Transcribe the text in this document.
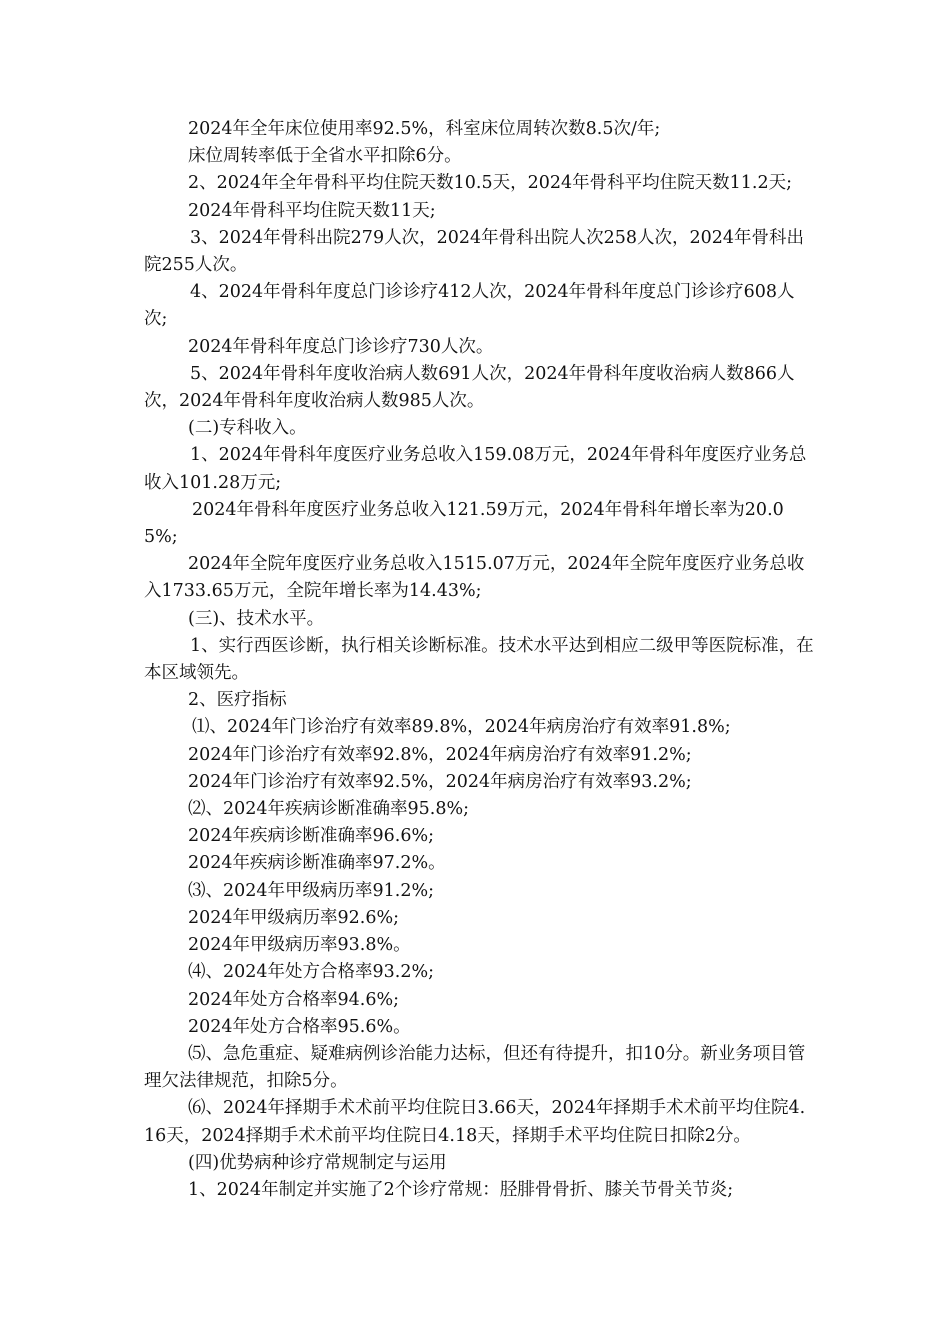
2024年全年床位使用率92.5%，科室床位周转次数8.5次/年;

床位周转率低于全省水平扣除6分。

2、2024年全年骨科平均住院天数10.5天，2024年骨科平均住院天数11.2天;

2024年骨科平均住院天数11天;

3、2024年骨科出院279人次，2024年骨科出院人次258人次，2024年骨科出院255人次。

4、2024年骨科年度总门诊诊疗412人次，2024年骨科年度总门诊诊疗608人次;

2024年骨科年度总门诊诊疗730人次。

5、2024年骨科年度收治病人数691人次，2024年骨科年度收治病人数866人次，2024年骨科年度收治病人数985人次。

(二)专科收入。

1、2024年骨科年度医疗业务总收入159.08万元，2024年骨科年度医疗业务总收入101.28万元;

2024年骨科年度医疗业务总收入121.59万元，2024年骨科年增长率为20.05%;

2024年全院年度医疗业务总收入1515.07万元，2024年全院年度医疗业务总收入1733.65万元，全院年增长率为14.43%;

(三)、技术水平。

1、实行西医诊断，执行相关诊断标准。技术水平达到相应二级甲等医院标准，在本区域领先。

2、医疗指标

⑴、2024年门诊治疗有效率89.8%，2024年病房治疗有效率91.8%;

2024年门诊治疗有效率92.8%，2024年病房治疗有效率91.2%;

2024年门诊治疗有效率92.5%，2024年病房治疗有效率93.2%;

⑵、2024年疾病诊断准确率95.8%;

2024年疾病诊断准确率96.6%;

2024年疾病诊断准确率97.2%。

⑶、2024年甲级病历率91.2%;

2024年甲级病历率92.6%;

2024年甲级病历率93.8%。

⑷、2024年处方合格率93.2%;

2024年处方合格率94.6%;

2024年处方合格率95.6%。

⑸、急危重症、疑难病例诊治能力达标，但还有待提升，扣10分。新业务项目管理欠法律规范，扣除5分。

⑹、2024年择期手术术前平均住院日3.66天，2024年择期手术术前平均住院4.16天，2024择期手术术前平均住院日4.18天，择期手术平均住院日扣除2分。

(四)优势病种诊疗常规制定与运用

1、2024年制定并实施了2个诊疗常规：胫腓骨骨折、膝关节骨关节炎;
